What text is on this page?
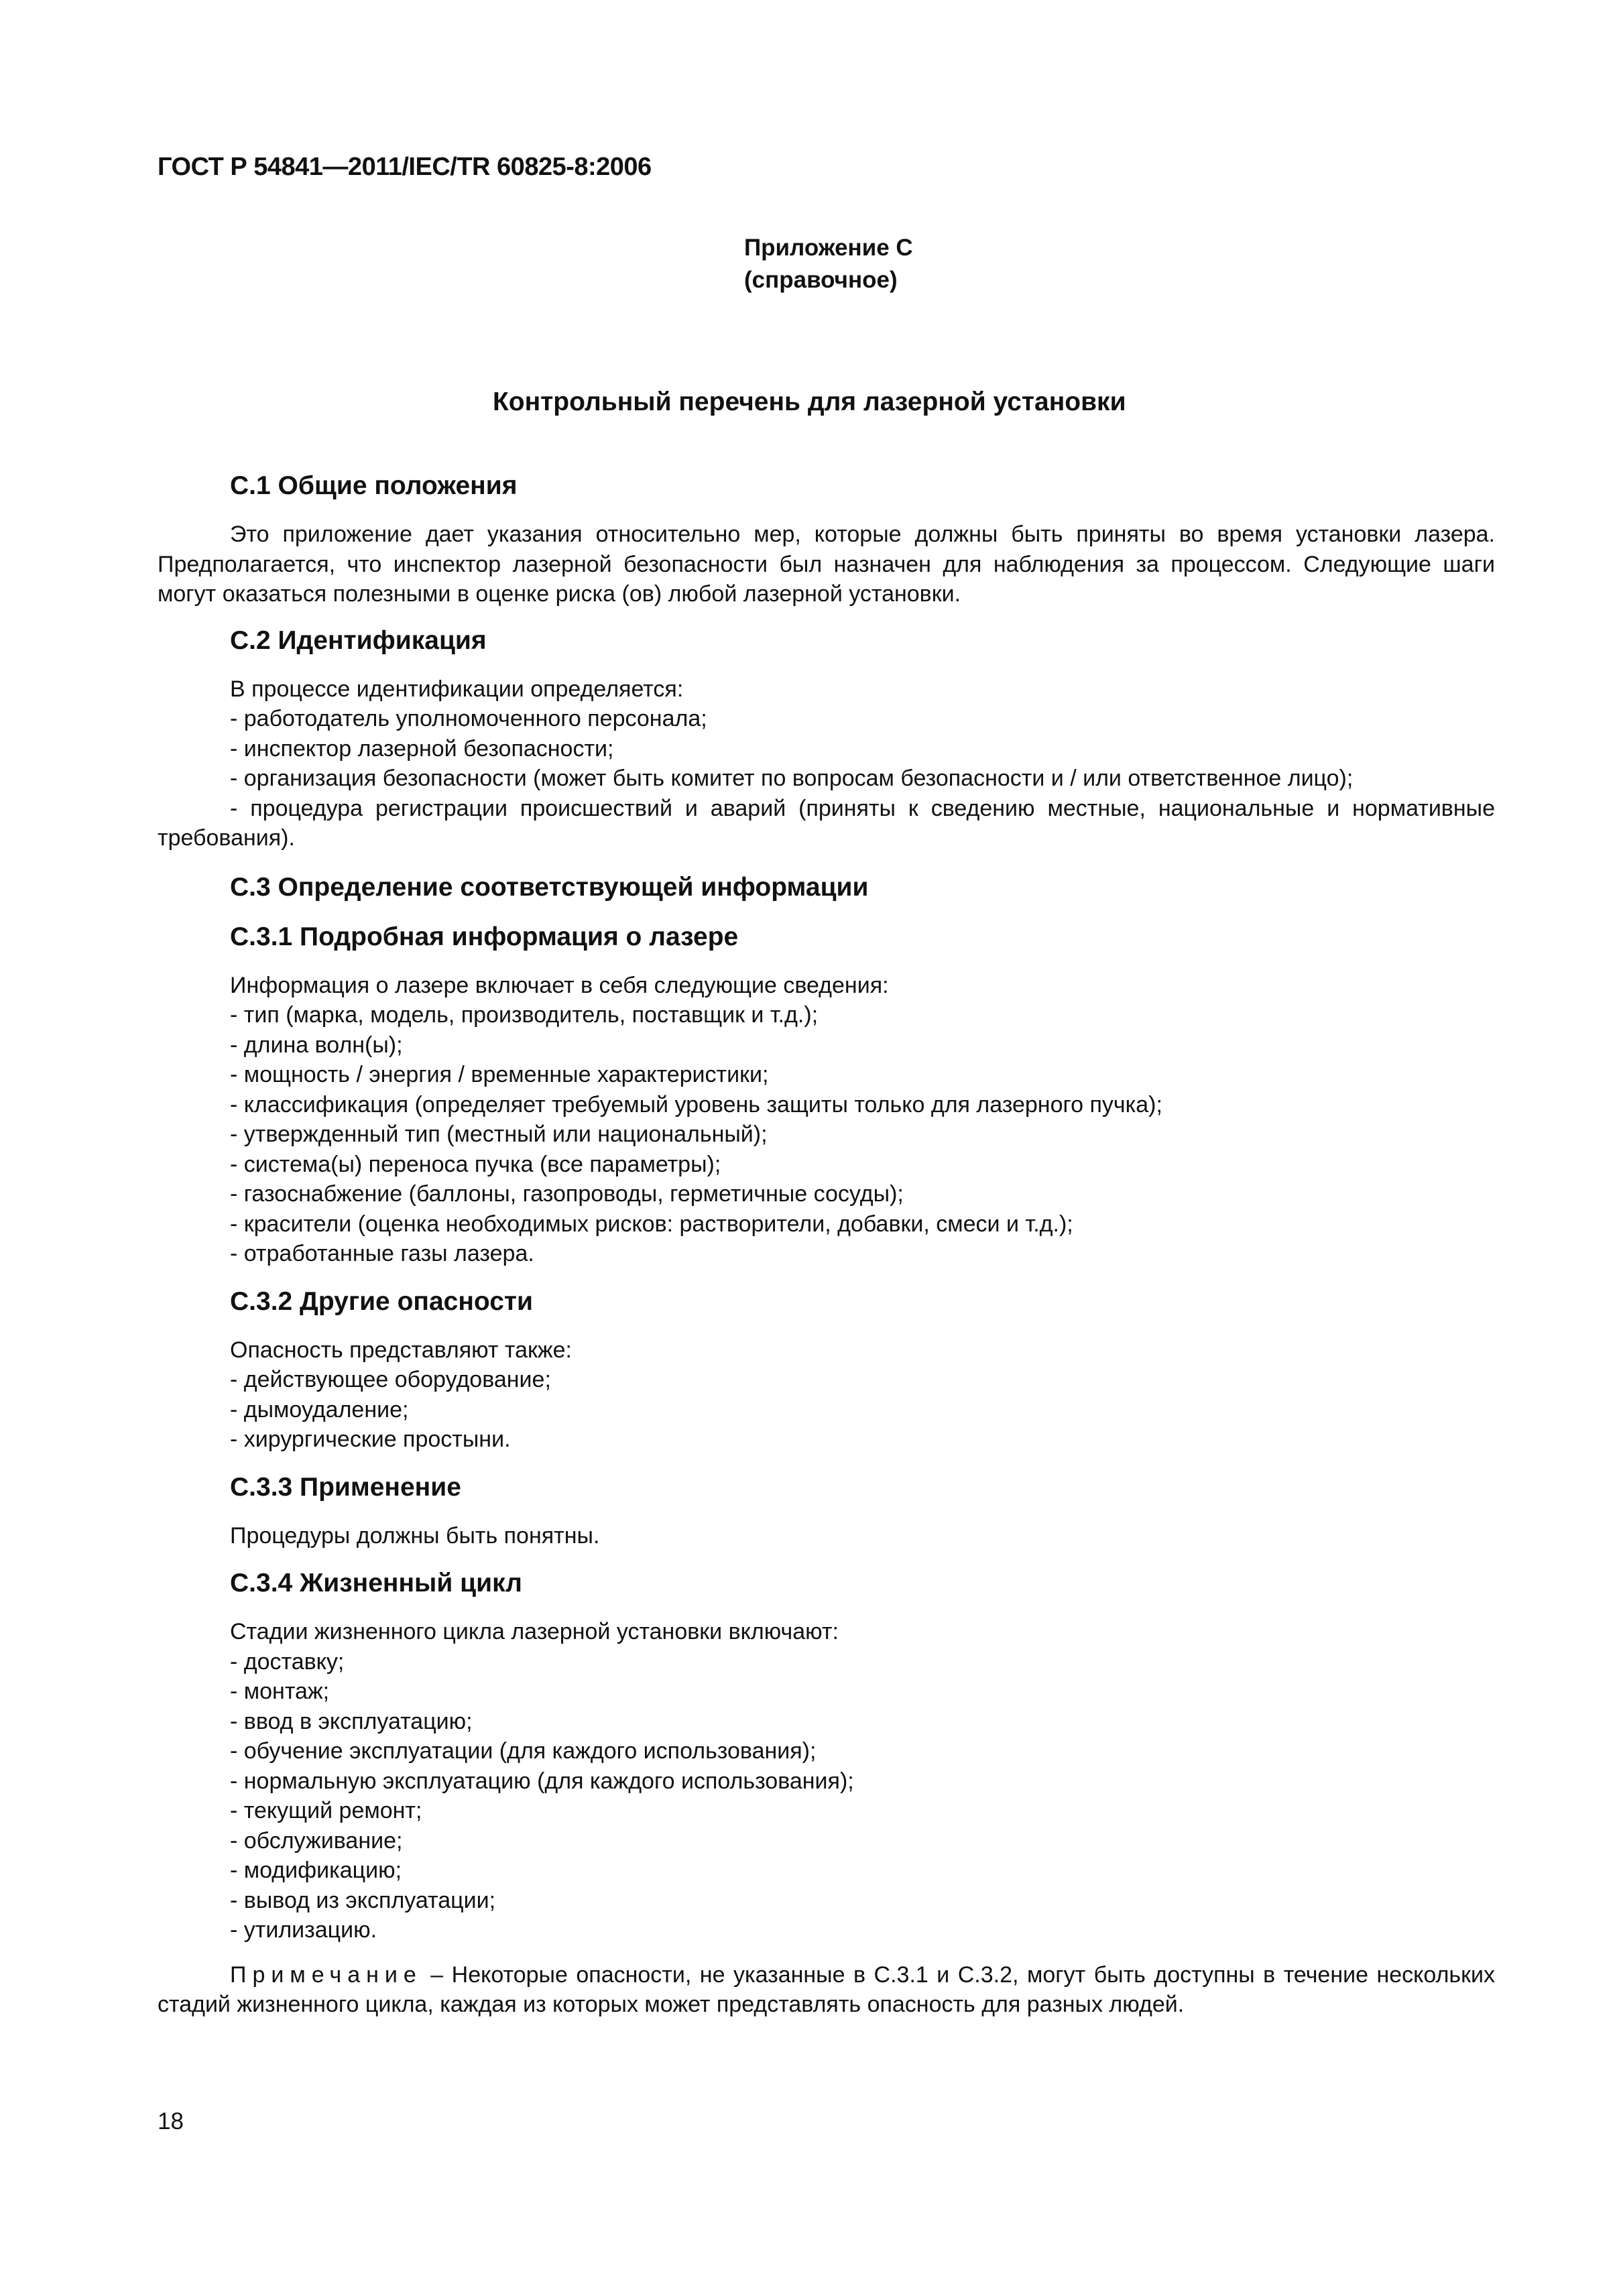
ГОСТ Р 54841—2011/IEC/TR 60825-8:2006
Приложение С
(справочное)
Контрольный перечень для лазерной установки
С.1 Общие положения

Это приложение дает указания относительно мер, которые должны быть приняты во время установки лазера. Предполагается, что инспектор лазерной безопасности был назначен для наблюдения за процессом. Следующие шаги могут оказаться полезными в оценке риска (ов) любой лазерной установки.

С.2 Идентификация

В процессе идентификации определяется:

- работодатель уполномоченного персонала;
- инспектор лазерной безопасности;
- организация безопасности (может быть комитет по вопросам безопасности и / или ответственное лицо);
- процедура регистрации происшествий и аварий (приняты к сведению местные, национальные и нормативные требования).
С.3 Определение соответствующей информации
С.3.1 Подробная информация о лазере

Информация о лазере включает в себя следующие сведения:

- тип (марка, модель, производитель, поставщик и т.д.);
- длина волн(ы);
- мощность / энергия / временные характеристики;
- классификация (определяет требуемый уровень защиты только для лазерного пучка);
- утвержденный тип (местный или национальный);
- система(ы) переноса пучка (все параметры);
- газоснабжение (баллоны, газопроводы, герметичные сосуды);
- красители (оценка необходимых рисков: растворители, добавки, смеси и т.д.);
- отработанные газы лазера.
С.3.2 Другие опасности

Опасность представляют также:

- действующее оборудование;
- дымоудаление;
- хирургические простыни.
С.3.3 Применение

Процедуры должны быть понятны.

С.3.4 Жизненный цикл

Стадии жизненного цикла лазерной установки включают:

- доставку;
- монтаж;
- ввод в эксплуатацию;
- обучение эксплуатации (для каждого использования);
- нормальную эксплуатацию (для каждого использования);
- текущий ремонт;
- обслуживание;
- модификацию;
- вывод из эксплуатации;
- утилизацию.

Примечание – Некоторые опасности, не указанные в С.3.1 и С.3.2, могут быть доступны в течение нескольких стадий жизненного цикла, каждая из которых может представлять опасность для разных людей.

18
